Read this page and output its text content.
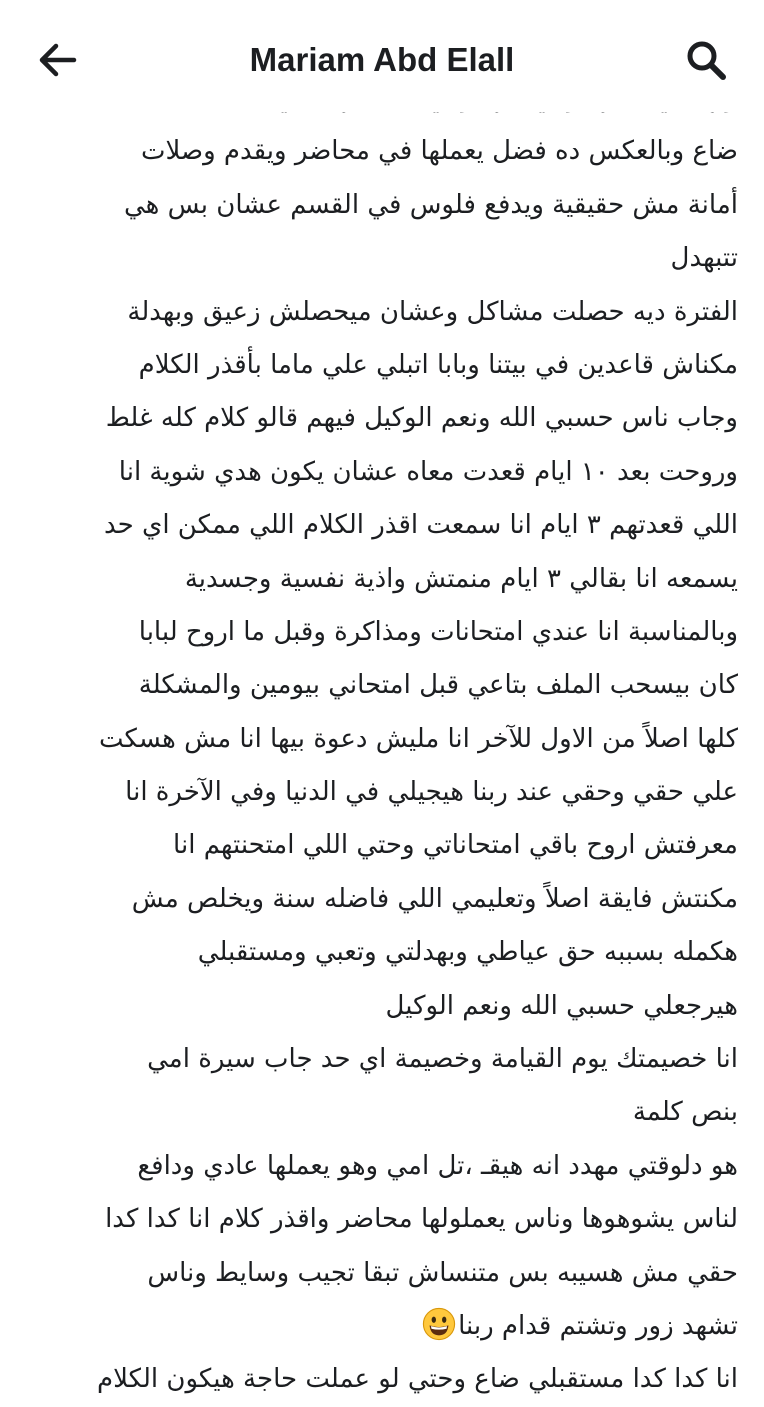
Mariam Abd Elall
ضاع وبالعكس ده فضل يعملها في محاضر ويقدم وصلات
أمانة مش حقيقية ويدفع فلوس في القسم عشان بس هي
تتبهدل
الفترة ديه حصلت مشاكل وعشان ميحصلش زعيق وبهدلة
مكناش قاعدين في بيتنا وبابا اتبلي علي ماما بأقذر الكلام
وجاب ناس حسبي الله ونعم الوكيل فيهم قالو كلام كله غلط
وروحت بعد ١٠ ايام قعدت معاه عشان يكون هدي شوية انا
اللي قعدتهم ٣ ايام انا سمعت اقذر الكلام اللي ممكن اي حد
يسمعه انا بقالي ٣ ايام منمتش واذية نفسية وجسدية
وبالمناسبة انا عندي امتحانات ومذاكرة وقبل ما اروح لبابا
كان بيسحب الملف بتاعي قبل امتحاني بيومين والمشكلة
كلها اصلاً من الاول للآخر انا مليش دعوة بيها انا مش هسكت
علي حقي وحقي عند ربنا هيجيلي في الدنيا وفي الآخرة انا
معرفتش اروح باقي امتحاناتي وحتي اللي امتحنتهم انا
مكنتش فايقة اصلاً وتعليمي اللي فاضله سنة ويخلص مش
هكمله بسببه حق عياطي وبهدلتي وتعبي ومستقبلي
هيرجعلي حسبي الله ونعم الوكيل
انا خصيمتك يوم القيامة وخصيمة اي حد جاب سيرة امي
بنص كلمة
هو دلوقتي مهدد انه هيقـ ،تل امي وهو يعملها عادي ودافع
لناس يشوهوها وناس يعملولها محاضر واقذر كلام انا كدا كدا
حقي مش هسيبه بس متنساش تبقا تجيب وسايط وناس
تشهد زور وتشتم قدام ربنا
انا كدا كدا مستقبلي ضاع وحتي لو عملت حاجة هيكون الكلام
